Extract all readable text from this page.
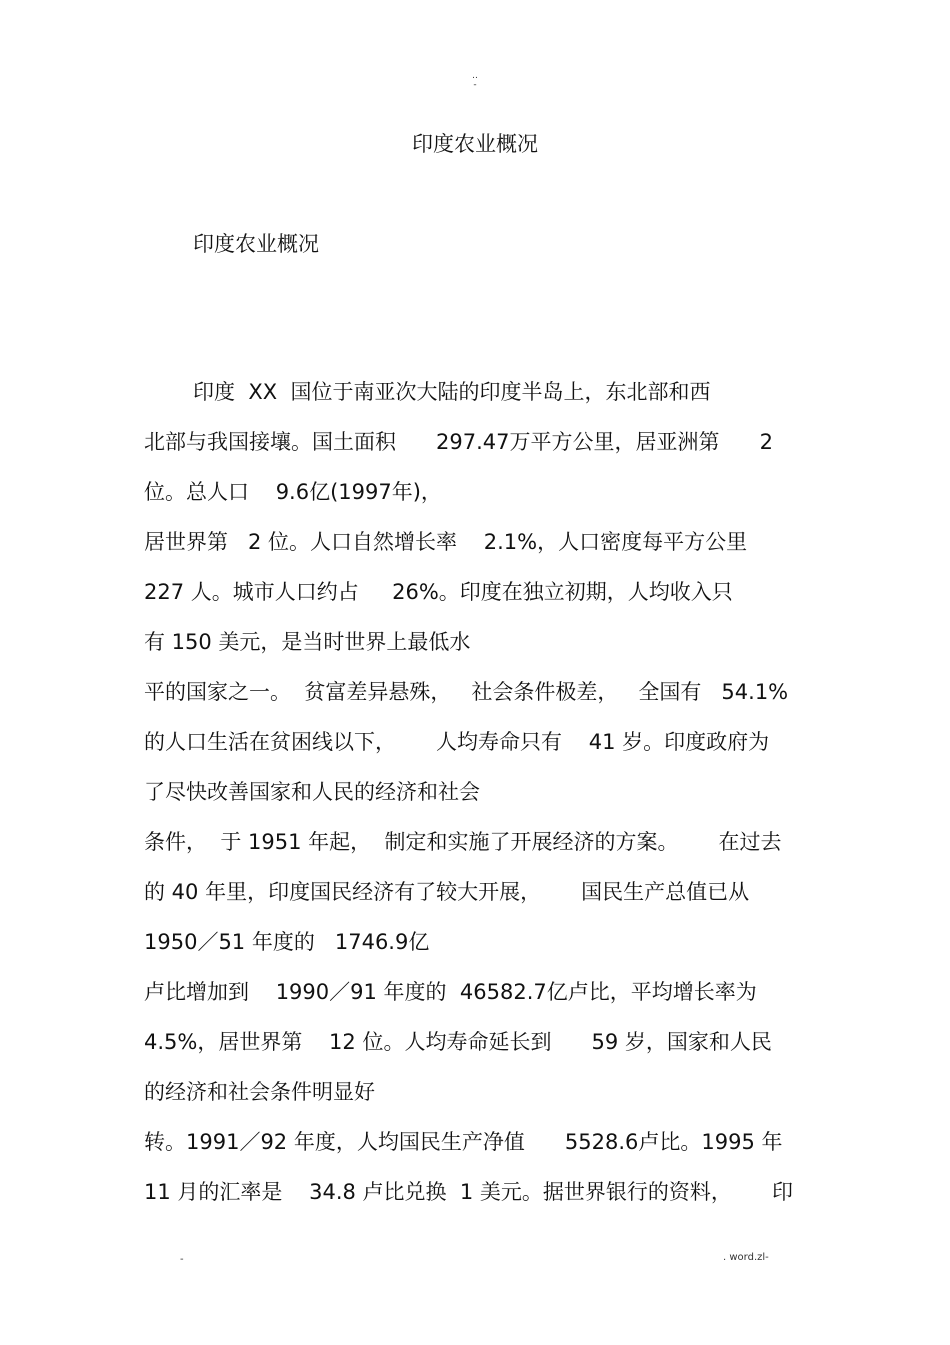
..
-
印度农业概况
印度农业概况
印度  XX  国位于南亚次大陆的印度半岛上，东北部和西
北部与我国接壤。国土面积      297.47万平方公里，居亚洲第      2
位。总人口    9.6亿(1997年)，
居世界第   2 位。人口自然增长率    2.1%，人口密度每平方公里
227 人。城市人口约占     26%。印度在独立初期，人均收入只
有 150 美元，是当时世界上最低水
平的国家之一。  贫富差异悬殊，   社会条件极差，   全国有   54.1%
的人口生活在贫困线以下，      人均寿命只有    41 岁。印度政府为
了尽快改善国家和人民的经济和社会
条件，  于 1951 年起，  制定和实施了开展经济的方案。      在过去
的 40 年里，印度国民经济有了较大开展，      国民生产总值已从
1950／51 年度的   1746.9亿
卢比增加到    1990／91 年度的  46582.7亿卢比，平均增长率为
4.5%，居世界第    12 位。人均寿命延长到      59 岁，国家和人民
的经济和社会条件明显好
转。1991／92 年度，人均国民生产净值      5528.6卢比。1995 年
11 月的汇率是    34.8 卢比兑换  1 美元。据世界银行的资料，      印
-	. word.zl-
